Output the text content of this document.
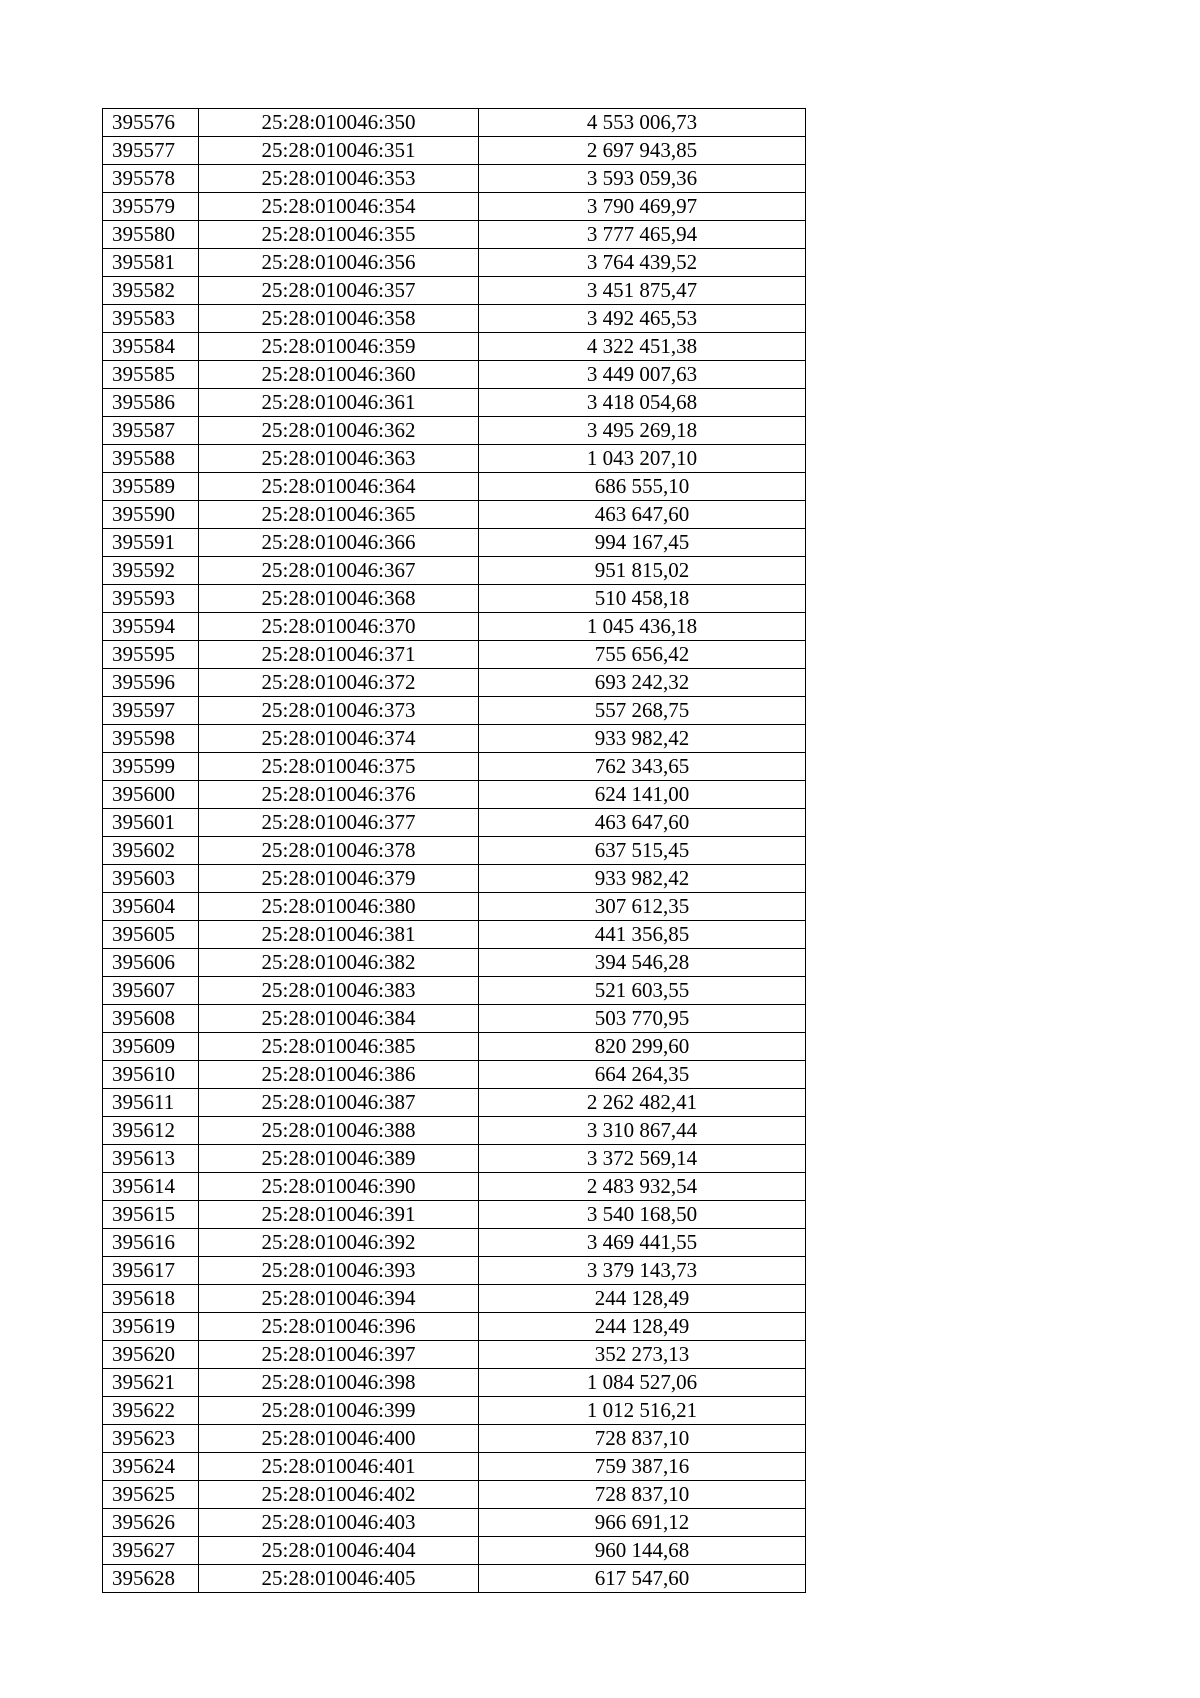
395576	25:28:010046:350	4 553 006,73
395577	25:28:010046:351	2 697 943,85
395578	25:28:010046:353	3 593 059,36
395579	25:28:010046:354	3 790 469,97
395580	25:28:010046:355	3 777 465,94
395581	25:28:010046:356	3 764 439,52
395582	25:28:010046:357	3 451 875,47
395583	25:28:010046:358	3 492 465,53
395584	25:28:010046:359	4 322 451,38
395585	25:28:010046:360	3 449 007,63
395586	25:28:010046:361	3 418 054,68
395587	25:28:010046:362	3 495 269,18
395588	25:28:010046:363	1 043 207,10
395589	25:28:010046:364	686 555,10
395590	25:28:010046:365	463 647,60
395591	25:28:010046:366	994 167,45
395592	25:28:010046:367	951 815,02
395593	25:28:010046:368	510 458,18
395594	25:28:010046:370	1 045 436,18
395595	25:28:010046:371	755 656,42
395596	25:28:010046:372	693 242,32
395597	25:28:010046:373	557 268,75
395598	25:28:010046:374	933 982,42
395599	25:28:010046:375	762 343,65
395600	25:28:010046:376	624 141,00
395601	25:28:010046:377	463 647,60
395602	25:28:010046:378	637 515,45
395603	25:28:010046:379	933 982,42
395604	25:28:010046:380	307 612,35
395605	25:28:010046:381	441 356,85
395606	25:28:010046:382	394 546,28
395607	25:28:010046:383	521 603,55
395608	25:28:010046:384	503 770,95
395609	25:28:010046:385	820 299,60
395610	25:28:010046:386	664 264,35
395611	25:28:010046:387	2 262 482,41
395612	25:28:010046:388	3 310 867,44
395613	25:28:010046:389	3 372 569,14
395614	25:28:010046:390	2 483 932,54
395615	25:28:010046:391	3 540 168,50
395616	25:28:010046:392	3 469 441,55
395617	25:28:010046:393	3 379 143,73
395618	25:28:010046:394	244 128,49
395619	25:28:010046:396	244 128,49
395620	25:28:010046:397	352 273,13
395621	25:28:010046:398	1 084 527,06
395622	25:28:010046:399	1 012 516,21
395623	25:28:010046:400	728 837,10
395624	25:28:010046:401	759 387,16
395625	25:28:010046:402	728 837,10
395626	25:28:010046:403	966 691,12
395627	25:28:010046:404	960 144,68
395628	25:28:010046:405	617 547,60
